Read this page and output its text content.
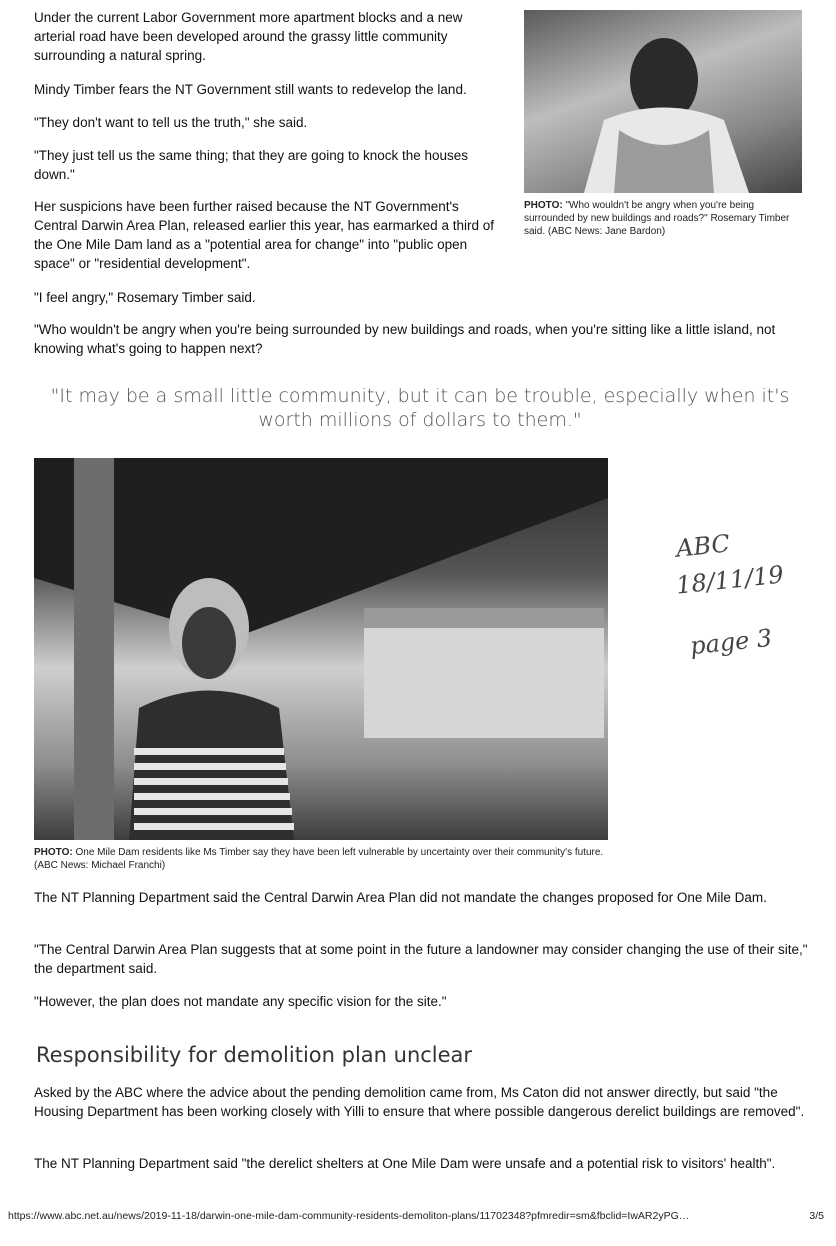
Under the current Labor Government more apartment blocks and a new arterial road have been developed around the grassy little community surrounding a natural spring.

Mindy Timber fears the NT Government still wants to redevelop the land.

"They don't want to tell us the truth," she said.

"They just tell us the same thing; that they are going to knock the houses down."

Her suspicions have been further raised because the NT Government's Central Darwin Area Plan, released earlier this year, has earmarked a third of the One Mile Dam land as a "potential area for change" into "public open space" or "residential development".

"I feel angry," Rosemary Timber said.

"Who wouldn't be angry when you're being surrounded by new buildings and roads, when you're sitting like a little island, not knowing what's going to happen next?

PHOTO: "Who wouldn't be angry when you're being surrounded by new buildings and roads?" Rosemary Timber said. (ABC News: Jane Bardon)
"It may be a small little community, but it can be trouble, especially when it's worth millions of dollars to them."
PHOTO: One Mile Dam residents like Ms Timber say they have been left vulnerable by uncertainty over their community's future.
(ABC News: Michael Franchi)
ABC
18/11/19
page 3

The NT Planning Department said the Central Darwin Area Plan did not mandate the changes proposed for One Mile Dam.

"The Central Darwin Area Plan suggests that at some point in the future a landowner may consider changing the use of their site," the department said.

"However, the plan does not mandate any specific vision for the site."

Responsibility for demolition plan unclear

Asked by the ABC where the advice about the pending demolition came from, Ms Caton did not answer directly, but said "the Housing Department has been working closely with Yilli to ensure that where possible dangerous derelict buildings are removed".

The NT Planning Department said "the derelict shelters at One Mile Dam were unsafe and a potential risk to visitors' health".

https://www.abc.net.au/news/2019-11-18/darwin-one-mile-dam-community-residents-demoliton-plans/11702348?pfmredir=sm&fbclid=IwAR2yPG…	3/5
